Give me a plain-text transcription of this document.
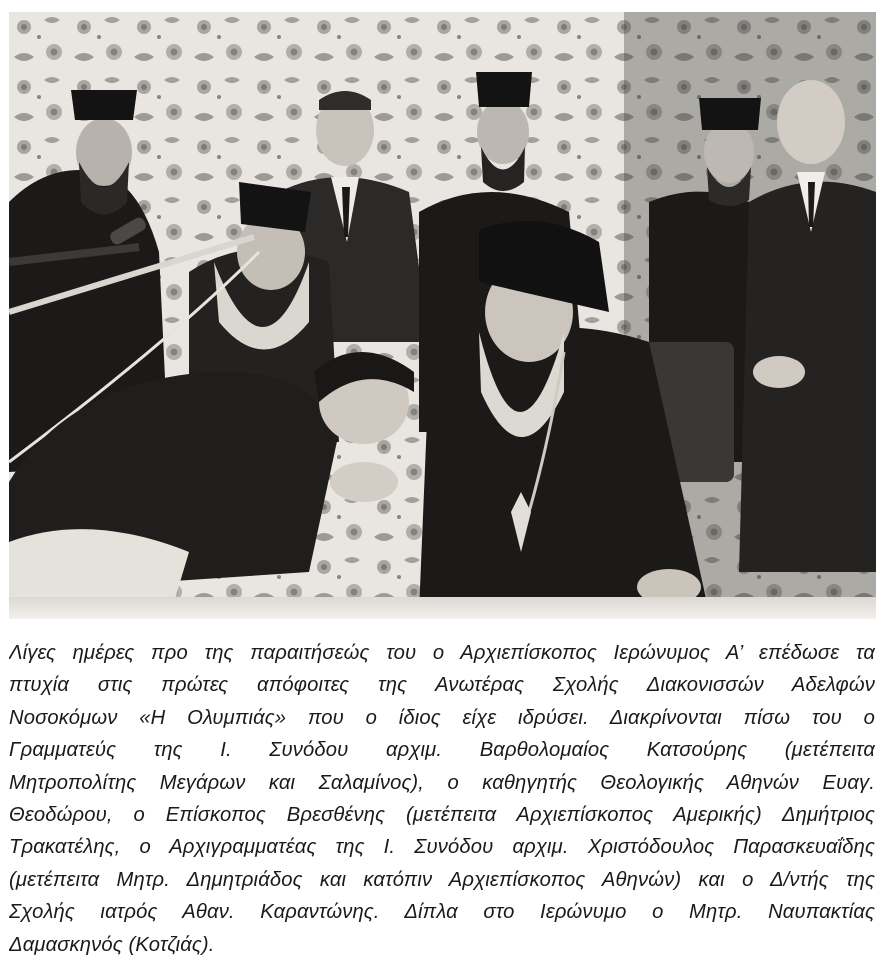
Λίγες ημέρες προ της παραιτήσεώς του ο Αρχιεπίσκοπος Ιερώνυμος Α’ επέδωσε τα
πτυχία στις πρώτες απόφοιτες της Ανωτέρας Σχολής Διακονισσών Αδελφών
Νοσοκόμων «Η Ολυμπιάς» που ο ίδιος είχε ιδρύσει. Διακρίνονται πίσω του ο
Γραμματεύς της Ι. Συνόδου αρχιμ. Βαρθολομαίος Κατσούρης (μετέπειτα
Μητροπολίτης Μεγάρων και Σαλαμίνος), ο καθηγητής Θεολογικής Αθηνών Ευαγ.
Θεοδώρου, ο Επίσκοπος Βρεσθένης (μετέπειτα Αρχιεπίσκοπος Αμερικής) Δημήτριος
Τρακατέλης, ο Αρχιγραμματέας της Ι. Συνόδου αρχιμ. Χριστόδουλος Παρασκευαΐδης
(μετέπειτα Μητρ. Δημητριάδος και κατόπιν Αρχιεπίσκοπος Αθηνών) και ο Δ/ντής της
Σχολής ιατρός Αθαν. Καραντώνης. Δίπλα στο Ιερώνυμο ο Μητρ. Ναυπακτίας
Δαμασκηνός (Κοτζιάς).
